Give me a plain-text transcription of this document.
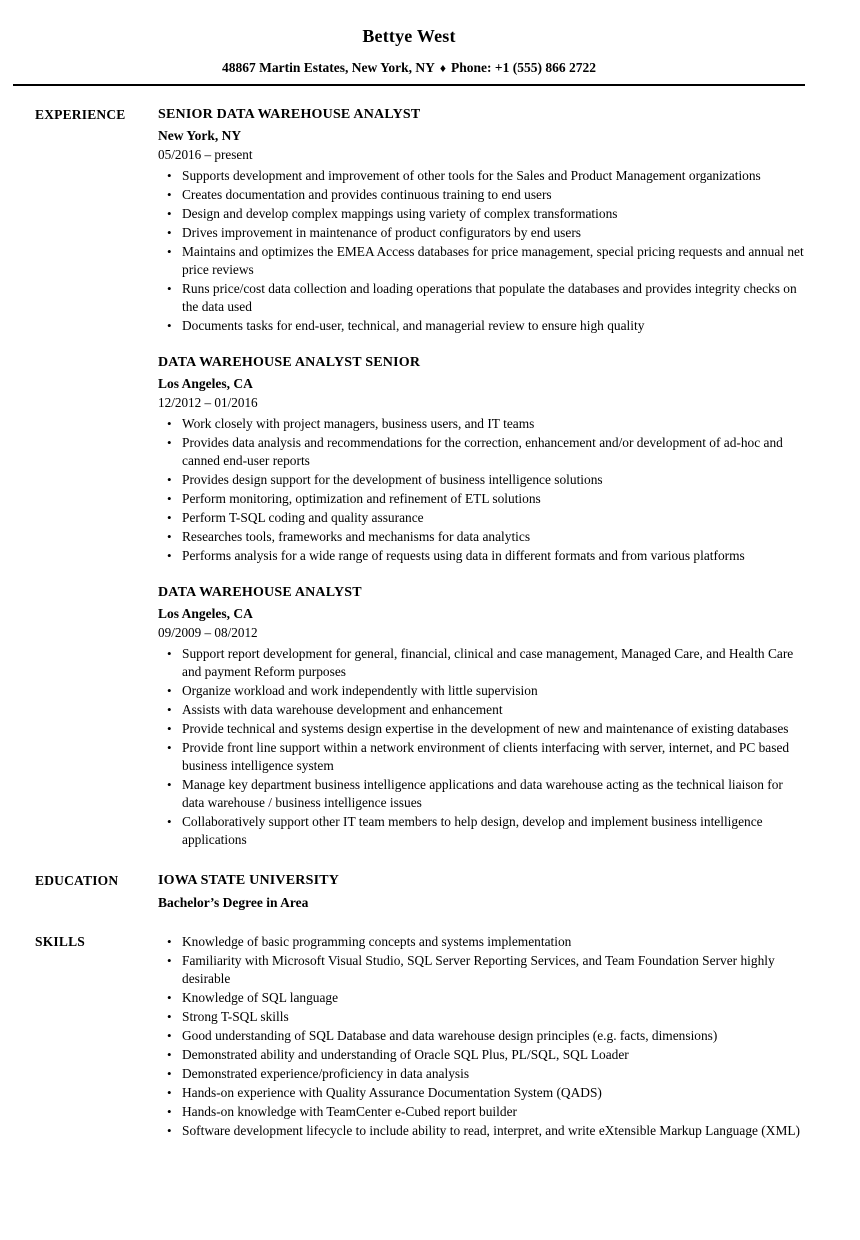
Bettye West
48867 Martin Estates, New York, NY ♦ Phone: +1 (555) 866 2722
EXPERIENCE	SENIOR DATA WAREHOUSE ANALYST
New York, NY
05/2016 – present
• Supports development and improvement of other tools for the Sales and Product Management organizations
• Creates documentation and provides continuous training to end users
• Design and develop complex mappings using variety of complex transformations
• Drives improvement in maintenance of product configurators by end users
• Maintains and optimizes the EMEA Access databases for price management, special pricing requests and annual net price reviews
• Runs price/cost data collection and loading operations that populate the databases and provides integrity checks on the data used
• Documents tasks for end-user, technical, and managerial review to ensure high quality
DATA WAREHOUSE ANALYST SENIOR
Los Angeles, CA
12/2012 – 01/2016
• Work closely with project managers, business users, and IT teams
• Provides data analysis and recommendations for the correction, enhancement and/or development of ad-hoc and canned end-user reports
• Provides design support for the development of business intelligence solutions
• Perform monitoring, optimization and refinement of ETL solutions
• Perform T-SQL coding and quality assurance
• Researches tools, frameworks and mechanisms for data analytics
• Performs analysis for a wide range of requests using data in different formats and from various platforms
DATA WAREHOUSE ANALYST
Los Angeles, CA
09/2009 – 08/2012
• Support report development for general, financial, clinical and case management, Managed Care, and Health Care and payment Reform purposes
• Organize workload and work independently with little supervision
• Assists with data warehouse development and enhancement
• Provide technical and systems design expertise in the development of new and maintenance of existing databases
• Provide front line support within a network environment of clients interfacing with server, internet, and PC based business intelligence system
• Manage key department business intelligence applications and data warehouse acting as the technical liaison for data warehouse / business intelligence issues
• Collaboratively support other IT team members to help design, develop and implement business intelligence applications
EDUCATION	IOWA STATE UNIVERSITY
Bachelor’s Degree in Area
SKILLS	• Knowledge of basic programming concepts and systems implementation
• Familiarity with Microsoft Visual Studio, SQL Server Reporting Services, and Team Foundation Server highly desirable
• Knowledge of SQL language
• Strong T-SQL skills
• Good understanding of SQL Database and data warehouse design principles (e.g. facts, dimensions)
• Demonstrated ability and understanding of Oracle SQL Plus, PL/SQL, SQL Loader
• Demonstrated experience/proficiency in data analysis
• Hands-on experience with Quality Assurance Documentation System (QADS)
• Hands-on knowledge with TeamCenter e-Cubed report builder
• Software development lifecycle to include ability to read, interpret, and write eXtensible Markup Language (XML)
